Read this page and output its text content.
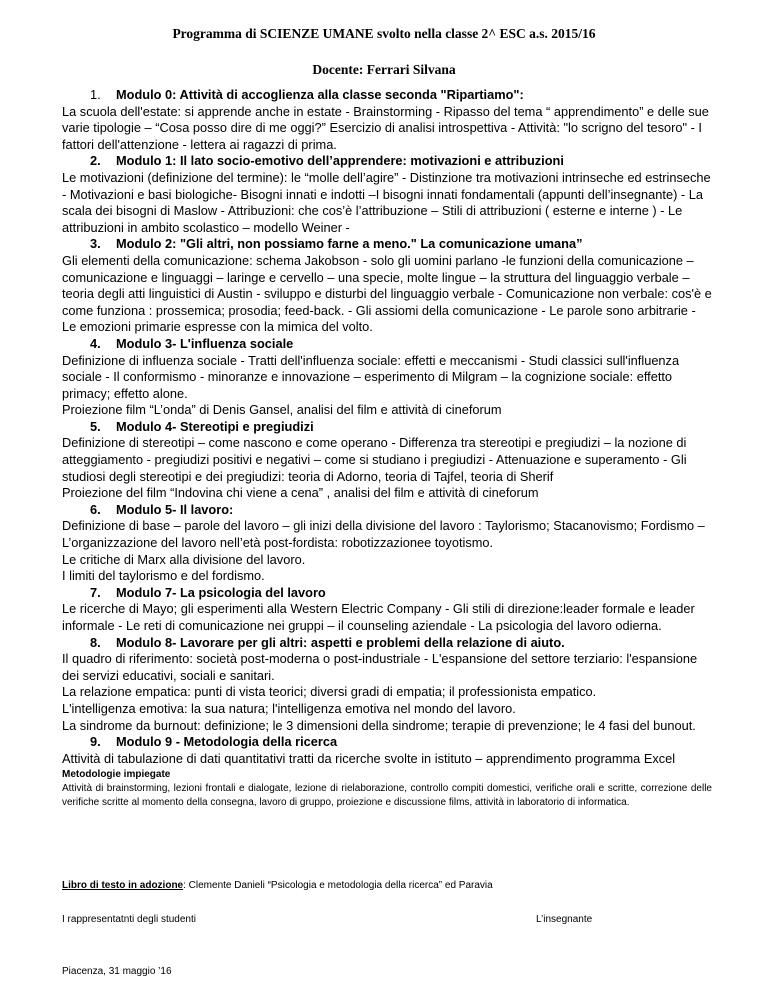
Programma di SCIENZE UMANE svolto nella classe 2^ ESC a.s. 2015/16
Docente: Ferrari Silvana
1. Modulo 0: Attività di accoglienza alla classe seconda "Ripartiamo":

La scuola dell'estate: si apprende anche in estate - Brainstorming - Ripasso del tema “ apprendimento” e delle sue varie tipologie – “Cosa posso dire di me oggi?” Esercizio di analisi introspettiva - Attività: "lo scrigno del tesoro" - I fattori dell'attenzione - lettera ai ragazzi di prima.

2. Modulo 1: Il lato socio-emotivo dell’apprendere: motivazioni e attribuzioni

Le motivazioni (definizione del termine): le “molle dell’agire” - Distinzione tra motivazioni intrinseche ed estrinseche - Motivazioni e basi biologiche- Bisogni innati e indotti –I bisogni innati fondamentali (appunti dell’insegnante) - La scala dei bisogni di Maslow - Attribuzioni: che cos’è l’attribuzione – Stili di attribuzioni ( esterne e interne ) - Le attribuzioni in ambito scolastico – modello Weiner -

3. Modulo 2: "Gli altri, non possiamo farne a meno." La comunicazione umana”

Gli elementi della comunicazione: schema Jakobson - solo gli uomini parlano -le funzioni della comunicazione – comunicazione e linguaggi – laringe e cervello – una specie, molte lingue – la struttura del linguaggio verbale – teoria degli atti linguistici di Austin - sviluppo e disturbi del linguaggio verbale - Comunicazione non verbale: cos'è e come funziona : prossemica; prosodia; feed-back. - Gli assiomi della comunicazione - Le parole sono arbitrarie - Le emozioni primarie espresse con la mimica del volto.

4. Modulo 3- L'influenza sociale

Definizione di influenza sociale - Tratti dell'influenza sociale: effetti e meccanismi - Studi classici sull'influenza sociale - Il conformismo - minoranze e innovazione – esperimento di Milgram – la cognizione sociale: effetto primacy; effetto alone.

Proiezione film “L’onda” di Denis Gansel, analisi del film e attività di cineforum

5. Modulo 4- Stereotipi e pregiudizi

Definizione di stereotipi – come nascono e come operano - Differenza tra stereotipi e pregiudizi – la nozione di atteggiamento - pregiudizi positivi e negativi – come si studiano i pregiudizi - Attenuazione e superamento - Gli studiosi degli stereotipi e dei pregiudizi: teoria di Adorno, teoria di Tajfel, teoria di Sherif

Proiezione del film “Indovina chi viene a cena” , analisi del film e attività di cineforum

6. Modulo 5- Il lavoro:

Definizione di base – parole del lavoro – gli inizi della divisione del lavoro : Taylorismo; Stacanovismo; Fordismo –L’organizzazione del lavoro nell’età post-fordista: robotizzazionee toyotismo.

Le critiche di Marx alla divisione del lavoro.

I limiti del taylorismo e del fordismo.

7. Modulo 7- La psicologia del lavoro

Le ricerche di Mayo; gli esperimenti alla Western Electric Company - Gli stili di direzione:leader formale e leader informale - Le reti di comunicazione nei gruppi – il counseling aziendale - La psicologia del lavoro odierna.

8. Modulo 8- Lavorare per gli altri: aspetti e problemi della relazione di aiuto.

Il quadro di riferimento: società post-moderna o post-industriale - L'espansione del settore terziario: l'espansione dei servizi educativi, sociali e sanitari.

La relazione empatica: punti di vista teorici; diversi gradi di empatia; il professionista empatico.

L'intelligenza emotiva: la sua natura; l'intelligenza emotiva nel mondo del lavoro.

La sindrome da burnout: definizione; le 3 dimensioni della sindrome; terapie di prevenzione; le 4 fasi del bunout.

9. Modulo 9 - Metodologia della ricerca

Attività di tabulazione di dati quantitativi tratti da ricerche svolte in istituto – apprendimento programma Excel

Metodologie impiegate

Attività di brainstorming, lezioni frontali e dialogate, lezione di rielaborazione, controllo compiti domestici, verifiche orali e scritte, correzione delle verifiche scritte al momento della consegna, lavoro di gruppo, proiezione e discussione films, attività in laboratorio di informatica.

Libro di testo in adozione: Clemente Danieli “Psicologia e metodologia della ricerca” ed Paravia
I rappresentatnti degli studenti	L’insegnante
Piacenza, 31 maggio ’16
